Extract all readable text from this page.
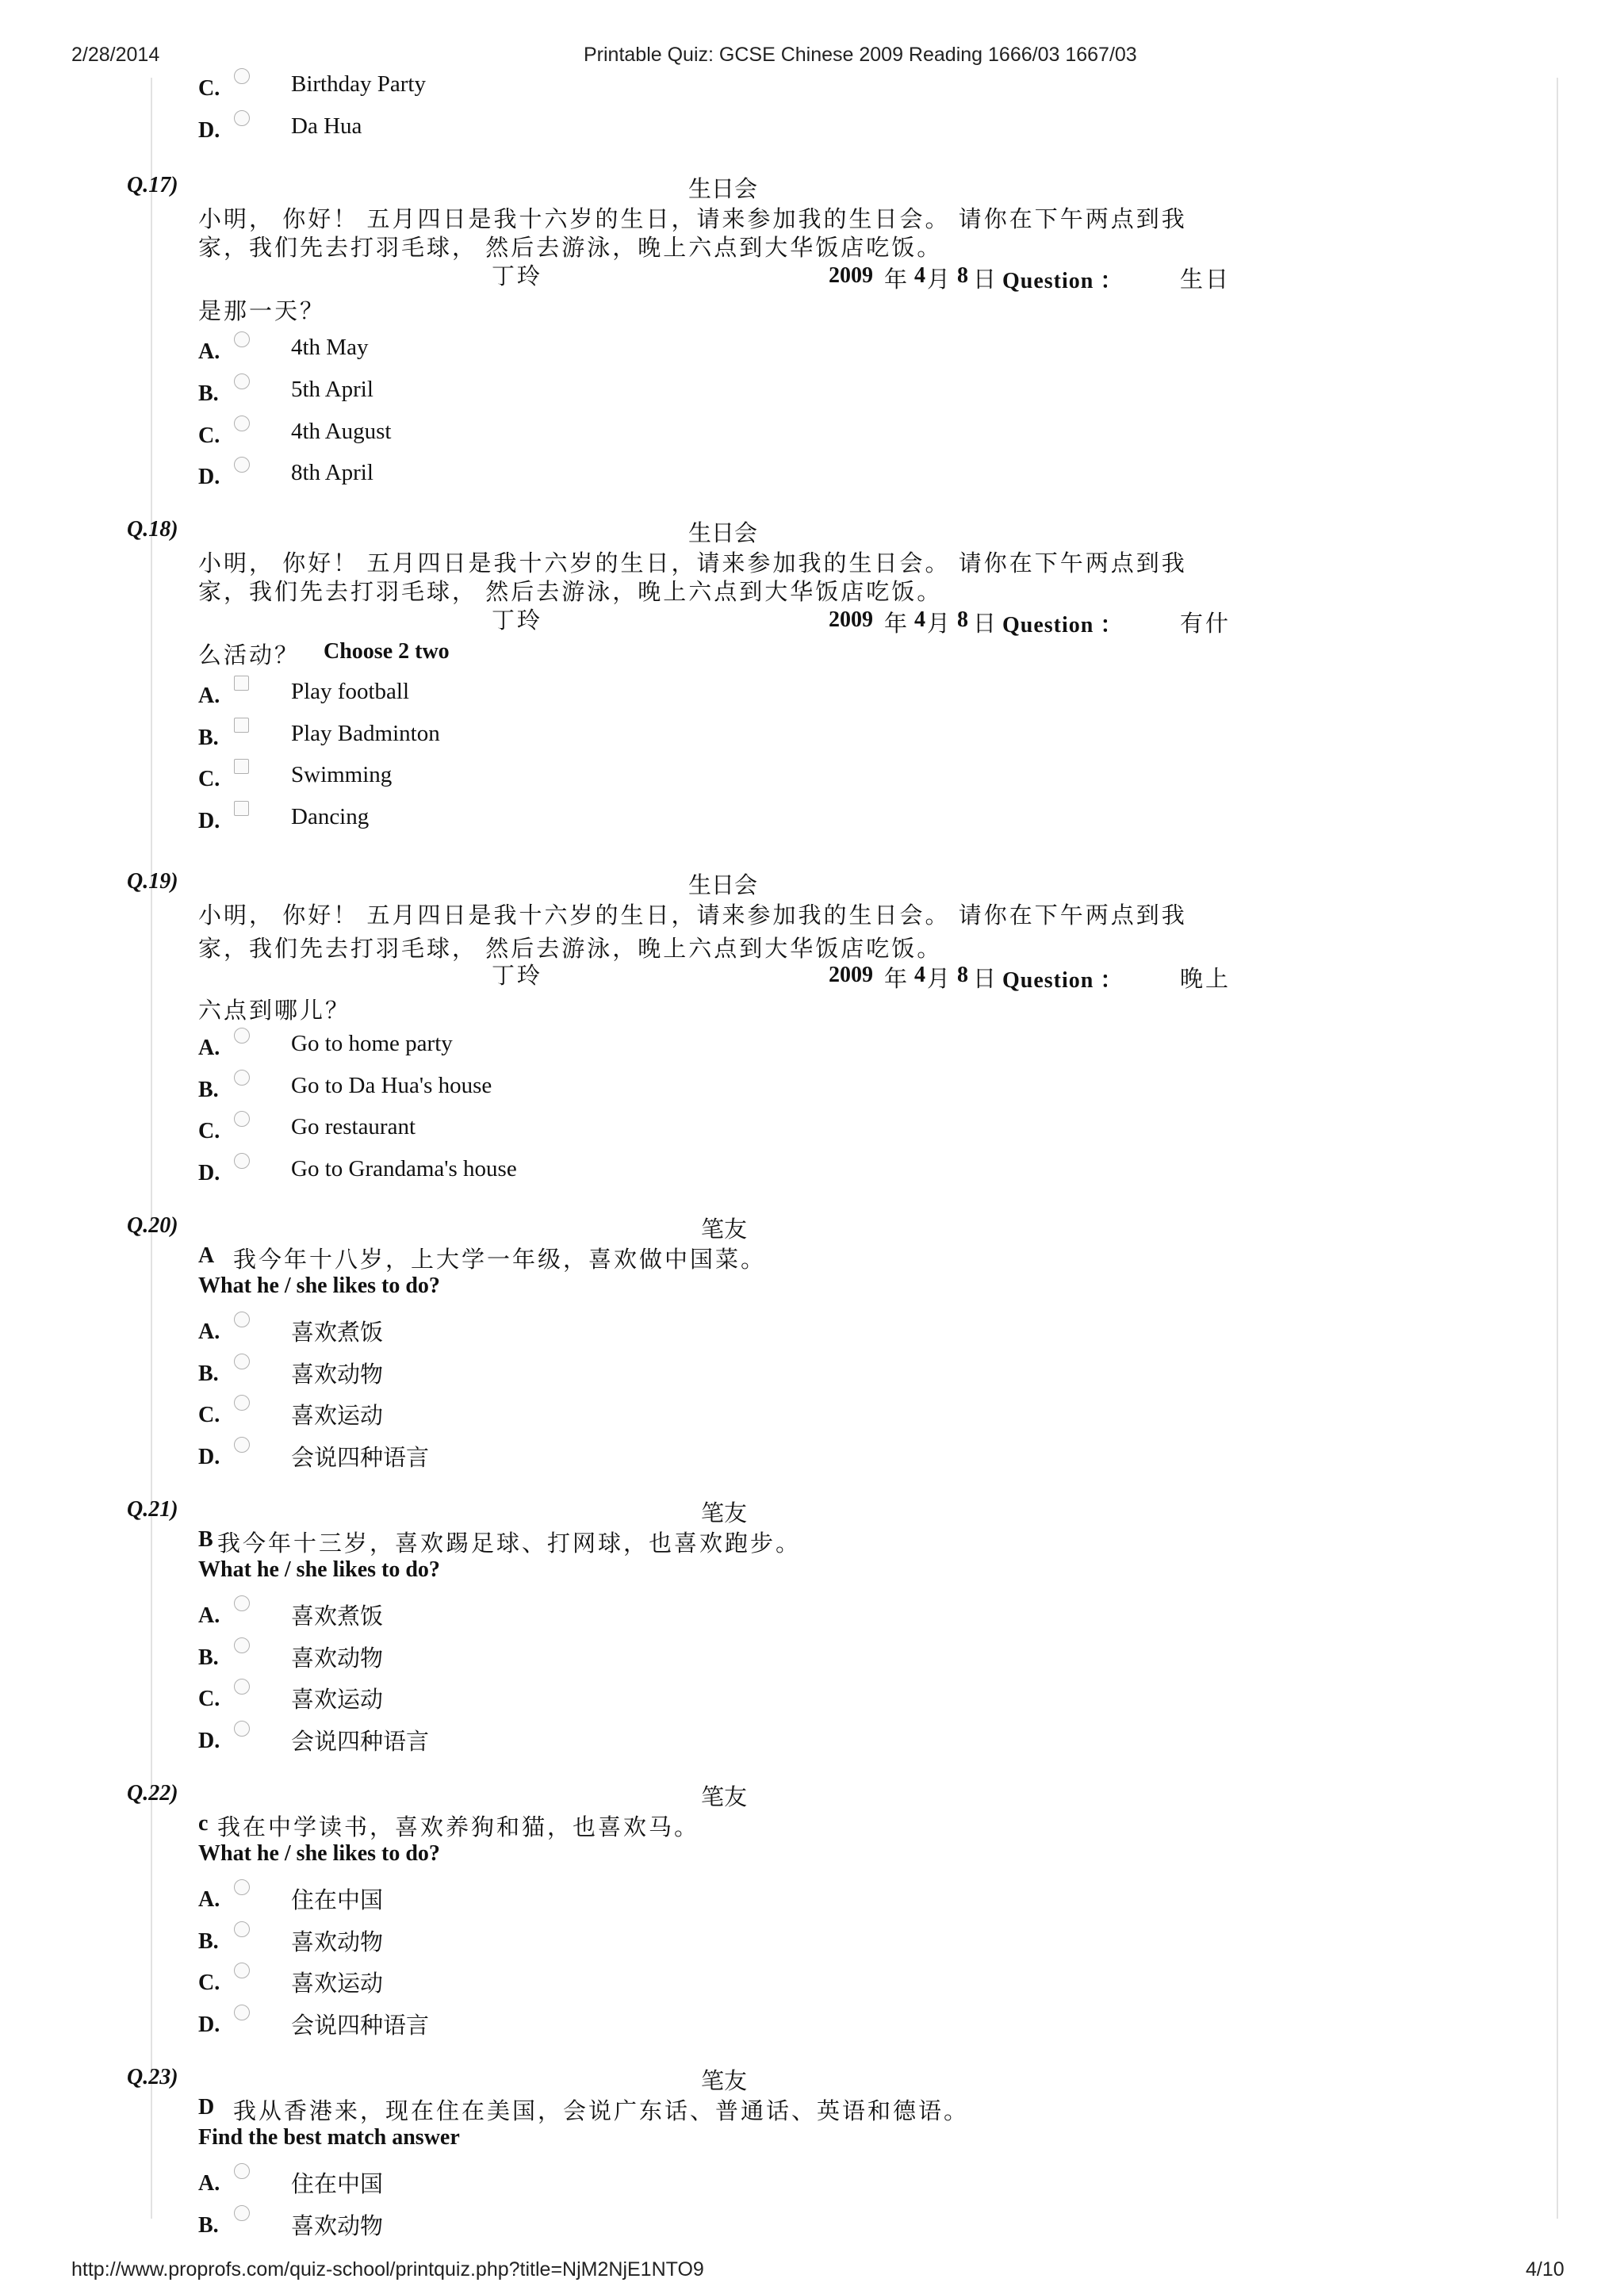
2/28/2014	Printable Quiz: GCSE Chinese 2009 Reading 1666/03 1667/03
C.	Birthday Party
D.	Da Hua
Q.17)	生日会
小明， 你好！ 五月四日是我十六岁的生日，请来参加我的生日会。 请你在下午两点到我
家，我们先去打羽毛球， 然后去游泳，晚上六点到大华饭店吃饭。
丁玲	2009 年 4 月 8 日 Question ： 生日
是那一天？
A.	4th May
B.	5th April
C.	4th August
D.	8th April
Q.18)	生日会
小明， 你好！ 五月四日是我十六岁的生日，请来参加我的生日会。 请你在下午两点到我
家，我们先去打羽毛球， 然后去游泳，晚上六点到大华饭店吃饭。
丁玲	2009 年 4 月 8 日 Question ： 有什
么活动？ Choose 2 two
A.	Play football
B.	Play Badminton
C.	Swimming
D.	Dancing
Q.19)	生日会
小明， 你好！ 五月四日是我十六岁的生日，请来参加我的生日会。 请你在下午两点到我
家，我们先去打羽毛球， 然后去游泳，晚上六点到大华饭店吃饭。
丁玲	2009 年 4 月 8 日 Question ： 晚上
六点到哪儿？
A.	Go to home party
B.	Go to Da Hua's house
C.	Go restaurant
D.	Go to Grandama's house
Q.20)	笔友
A 我今年十八岁，上大学一年级，喜欢做中国菜。
What he / she likes to do?
A.	喜欢煮饭
B.	喜欢动物
C.	喜欢运动
D.	会说四种语言
Q.21)	笔友
B 我今年十三岁，喜欢踢足球、打网球，也喜欢跑步。
What he / she likes to do?
A.	喜欢煮饭
B.	喜欢动物
C.	喜欢运动
D.	会说四种语言
Q.22)	笔友
c 我在中学读书，喜欢养狗和猫，也喜欢马。
What he / she likes to do?
A.	住在中国
B.	喜欢动物
C.	喜欢运动
D.	会说四种语言
Q.23)	笔友
D 我从香港来，现在住在美国，会说广东话、普通话、英语和德语。
Find the best match answer
A.	住在中国
B.	喜欢动物
http://www.proprofs.com/quiz-school/printquiz.php?title=NjM2NjE1NTO9	4/10
